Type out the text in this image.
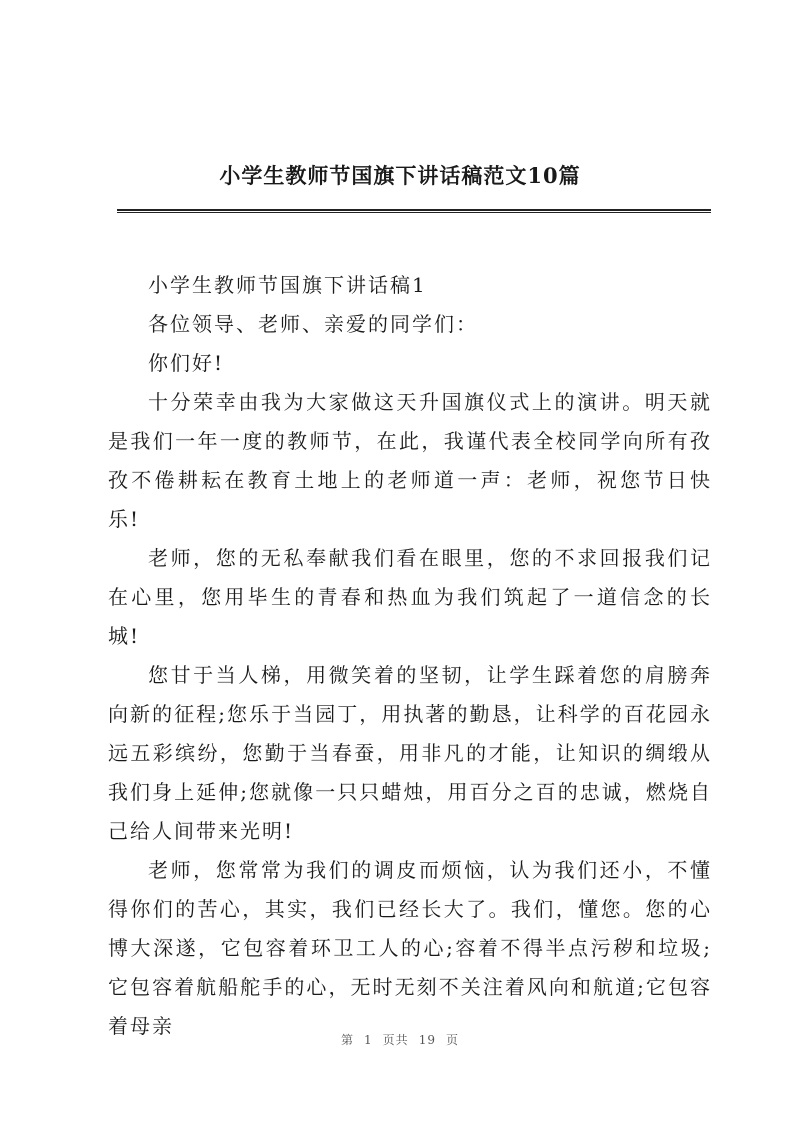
小学生教师节国旗下讲话稿范文10篇

小学生教师节国旗下讲话稿1

各位领导、老师、亲爱的同学们：

你们好!

十分荣幸由我为大家做这天升国旗仪式上的演讲。明天就是我们一年一度的教师节，在此，我谨代表全校同学向所有孜孜不倦耕耘在教育土地上的老师道一声：老师，祝您节日快乐!

老师，您的无私奉献我们看在眼里，您的不求回报我们记在心里，您用毕生的青春和热血为我们筑起了一道信念的长城!

您甘于当人梯，用微笑着的坚韧，让学生踩着您的肩膀奔向新的征程;您乐于当园丁，用执著的勤恳，让科学的百花园永远五彩缤纷，您勤于当春蚕，用非凡的才能，让知识的绸缎从我们身上延伸;您就像一只只蜡烛，用百分之百的忠诚，燃烧自己给人间带来光明!

老师，您常常为我们的调皮而烦恼，认为我们还小，不懂得你们的苦心，其实，我们已经长大了。我们，懂您。您的心博大深遂，它包容着环卫工人的心;容着不得半点污秽和垃圾;它包容着航船舵手的心，无时无刻不关注着风向和航道;它包容着母亲

第 1 页共 19 页
